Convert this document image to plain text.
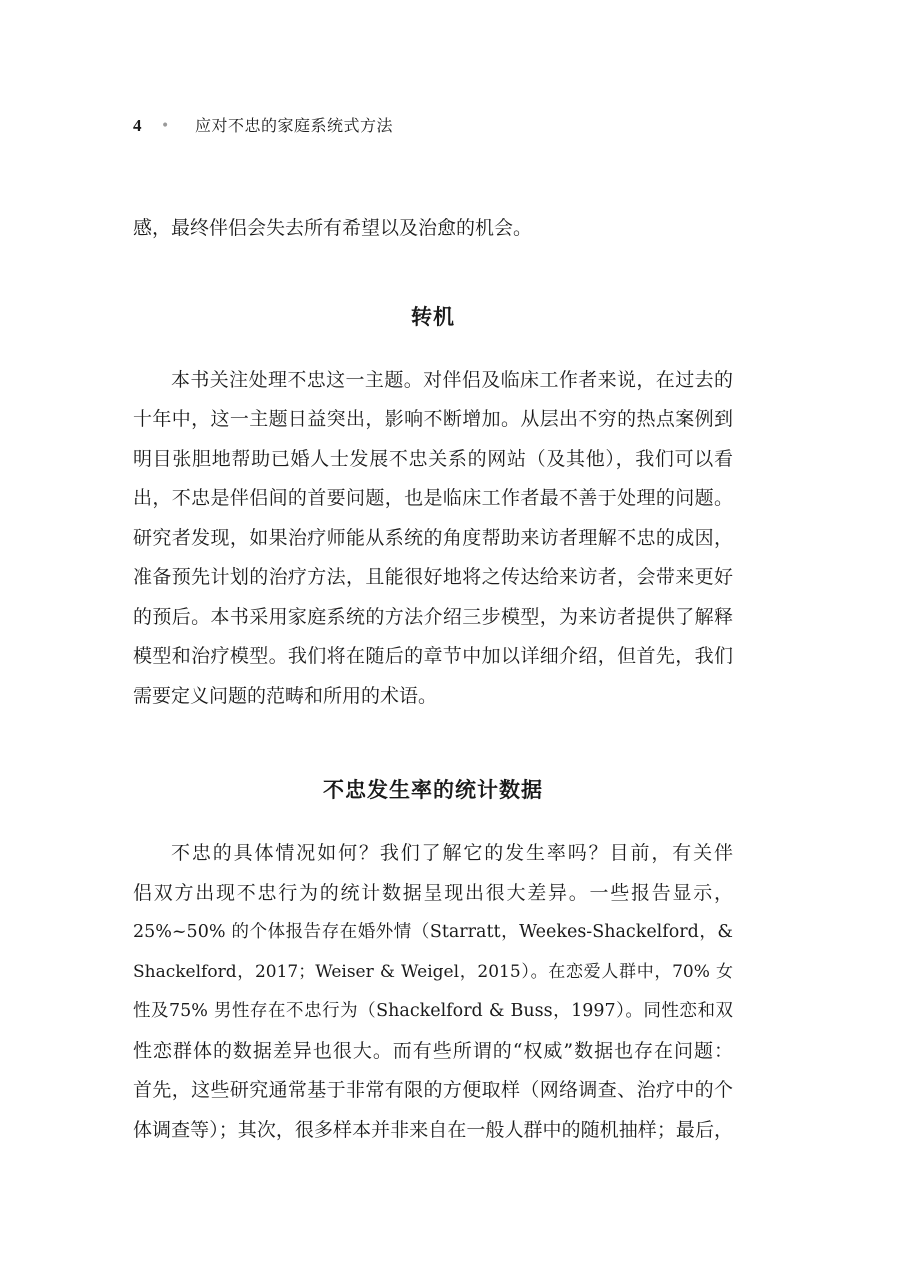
4	•	应对不忠的家庭系统式方法
感，最终伴侣会失去所有希望以及治愈的机会。
转机
本书关注处理不忠这一主题。对伴侣及临床工作者来说，在过去的
十年中，这一主题日益突出，影响不断增加。从层出不穷的热点案例到
明目张胆地帮助已婚人士发展不忠关系的网站（及其他），我们可以看
出，不忠是伴侣间的首要问题，也是临床工作者最不善于处理的问题。
研究者发现，如果治疗师能从系统的角度帮助来访者理解不忠的成因，
准备预先计划的治疗方法，且能很好地将之传达给来访者，会带来更好
的预后。本书采用家庭系统的方法介绍三步模型，为来访者提供了解释
模型和治疗模型。我们将在随后的章节中加以详细介绍，但首先，我们
需要定义问题的范畴和所用的术语。
不忠发生率的统计数据
不忠的具体情况如何？我们了解它的发生率吗？目前，有关伴
侣双方出现不忠行为的统计数据呈现出很大差异。一些报告显示，
25%~50% 的个体报告存在婚外情（Starratt，Weekes-Shackelford，&
Shackelford，2017；Weiser & Weigel，2015）。在恋爱人群中，70% 女
性及75% 男性存在不忠行为（Shackelford & Buss，1997）。同性恋和双
性恋群体的数据差异也很大。而有些所谓的“权威”数据也存在问题：
首先，这些研究通常基于非常有限的方便取样（网络调查、治疗中的个
体调查等）；其次，很多样本并非来自在一般人群中的随机抽样；最后，
